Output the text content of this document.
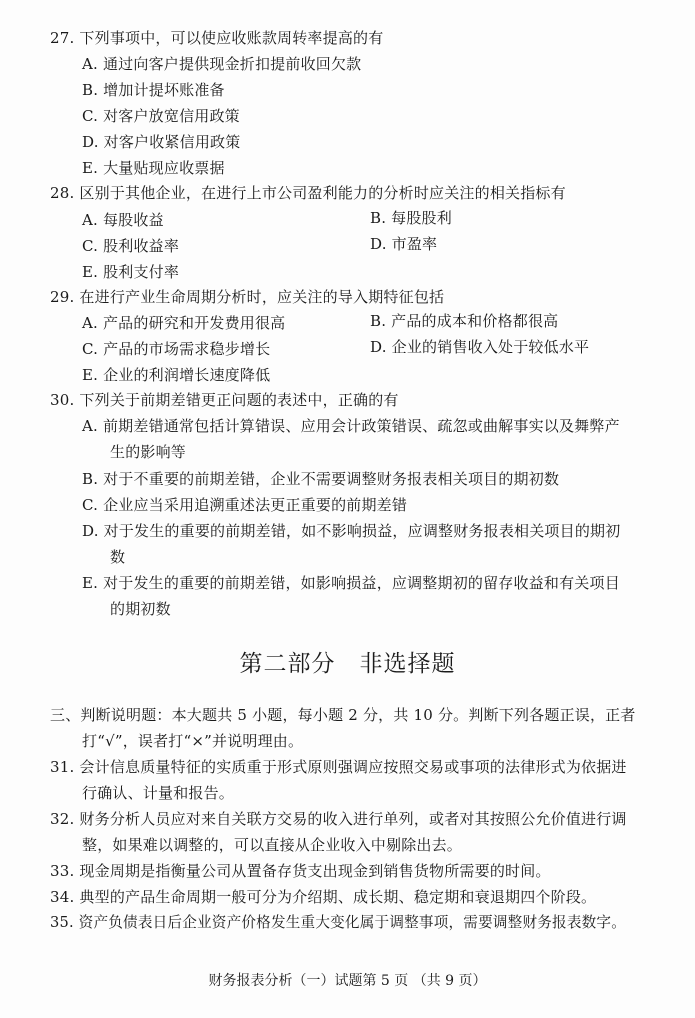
27. 下列事项中，可以使应收账款周转率提高的有
A. 通过向客户提供现金折扣提前收回欠款
B. 增加计提坏账准备
C. 对客户放宽信用政策
D. 对客户收紧信用政策
E. 大量贴现应收票据
28. 区别于其他企业，在进行上市公司盈利能力的分析时应关注的相关指标有
A. 每股收益	B. 每股股利
C. 股利收益率	D. 市盈率
E. 股利支付率
29. 在进行产业生命周期分析时，应关注的导入期特征包括
A. 产品的研究和开发费用很高	B. 产品的成本和价格都很高
C. 产品的市场需求稳步增长	D. 企业的销售收入处于较低水平
E. 企业的利润增长速度降低
30. 下列关于前期差错更正问题的表述中，正确的有
A. 前期差错通常包括计算错误、应用会计政策错误、疏忽或曲解事实以及舞弊产
生的影响等
B. 对于不重要的前期差错，企业不需要调整财务报表相关项目的期初数
C. 企业应当采用追溯重述法更正重要的前期差错
D. 对于发生的重要的前期差错，如不影响损益，应调整财务报表相关项目的期初
数
E. 对于发生的重要的前期差错，如影响损益，应调整期初的留存收益和有关项目
的期初数
第二部分　非选择题
三、判断说明题：本大题共 5 小题，每小题 2 分，共 10 分。判断下列各题正误，正者
打“√”，误者打“×”并说明理由。
31. 会计信息质量特征的实质重于形式原则强调应按照交易或事项的法律形式为依据进
行确认、计量和报告。
32. 财务分析人员应对来自关联方交易的收入进行单列，或者对其按照公允价值进行调
整，如果难以调整的，可以直接从企业收入中剔除出去。
33. 现金周期是指衡量公司从置备存货支出现金到销售货物所需要的时间。
34. 典型的产品生命周期一般可分为介绍期、成长期、稳定期和衰退期四个阶段。
35. 资产负债表日后企业资产价格发生重大变化属于调整事项，需要调整财务报表数字。
财务报表分析（一）试题第 5 页 （共 9 页）
